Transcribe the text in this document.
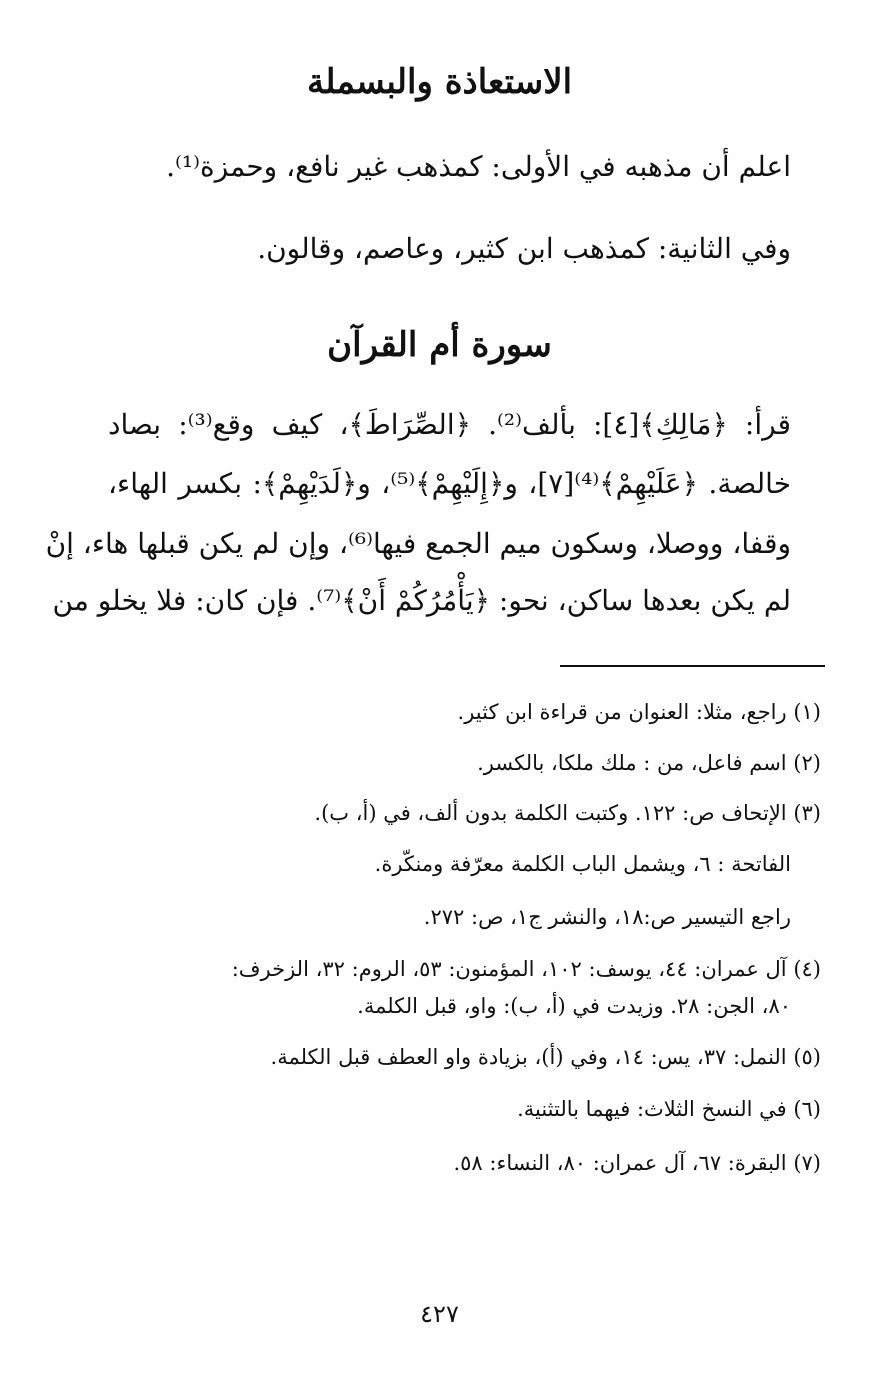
الاستعاذة والبسملة
اعلم أن مذهبه في الأولى: كمذهب غير نافع، وحمزة⁽¹⁾.
وفي الثانية: كمذهب ابن كثير، وعاصم، وقالون.
سورة أم القرآن
قرأ: ﴿مَالِكِ﴾[٤]: بألف⁽²⁾. ﴿الصِّرَاطَ﴾، كيف وقع⁽³⁾: بصاد
خالصة. ﴿عَلَيْهِمْ﴾⁽⁴⁾[٧]، و﴿إِلَيْهِمْ﴾⁽⁵⁾، و﴿لَدَيْهِمْ﴾: بكسر الهاء،
وقفا، ووصلا، وسكون ميم الجمع فيها⁽⁶⁾، وإن لم يكن قبلها هاء، إنْ
لم يكن بعدها ساكن، نحو: ﴿يَأْمُرُكُمْ أَنْ﴾⁽⁷⁾. فإن كان: فلا يخلو من
(١) راجع، مثلا: العنوان من قراءة ابن كثير.
(٢) اسم فاعل، من : ملك ملكا، بالكسر.
(٣) الإتحاف ص: ١٢٢. وكتبت الكلمة بدون ألف، في (أ، ب).
الفاتحة : ٦، ويشمل الباب الكلمة معرّفة ومنكّرة.
راجع التيسير ص:١٨، والنشر ج١، ص: ٢٧٢.
(٤) آل عمران: ٤٤، يوسف: ١٠٢، المؤمنون: ٥٣، الروم: ٣٢، الزخرف:
٨٠، الجن: ٢٨. وزيدت في (أ، ب): واو، قبل الكلمة.
(٥) النمل: ٣٧، يس: ١٤، وفي (أ)، بزيادة واو العطف قبل الكلمة.
(٦) في النسخ الثلاث: فيهما بالتثنية.
(٧) البقرة: ٦٧، آل عمران: ٨٠، النساء: ٥٨.
٤٢٧
